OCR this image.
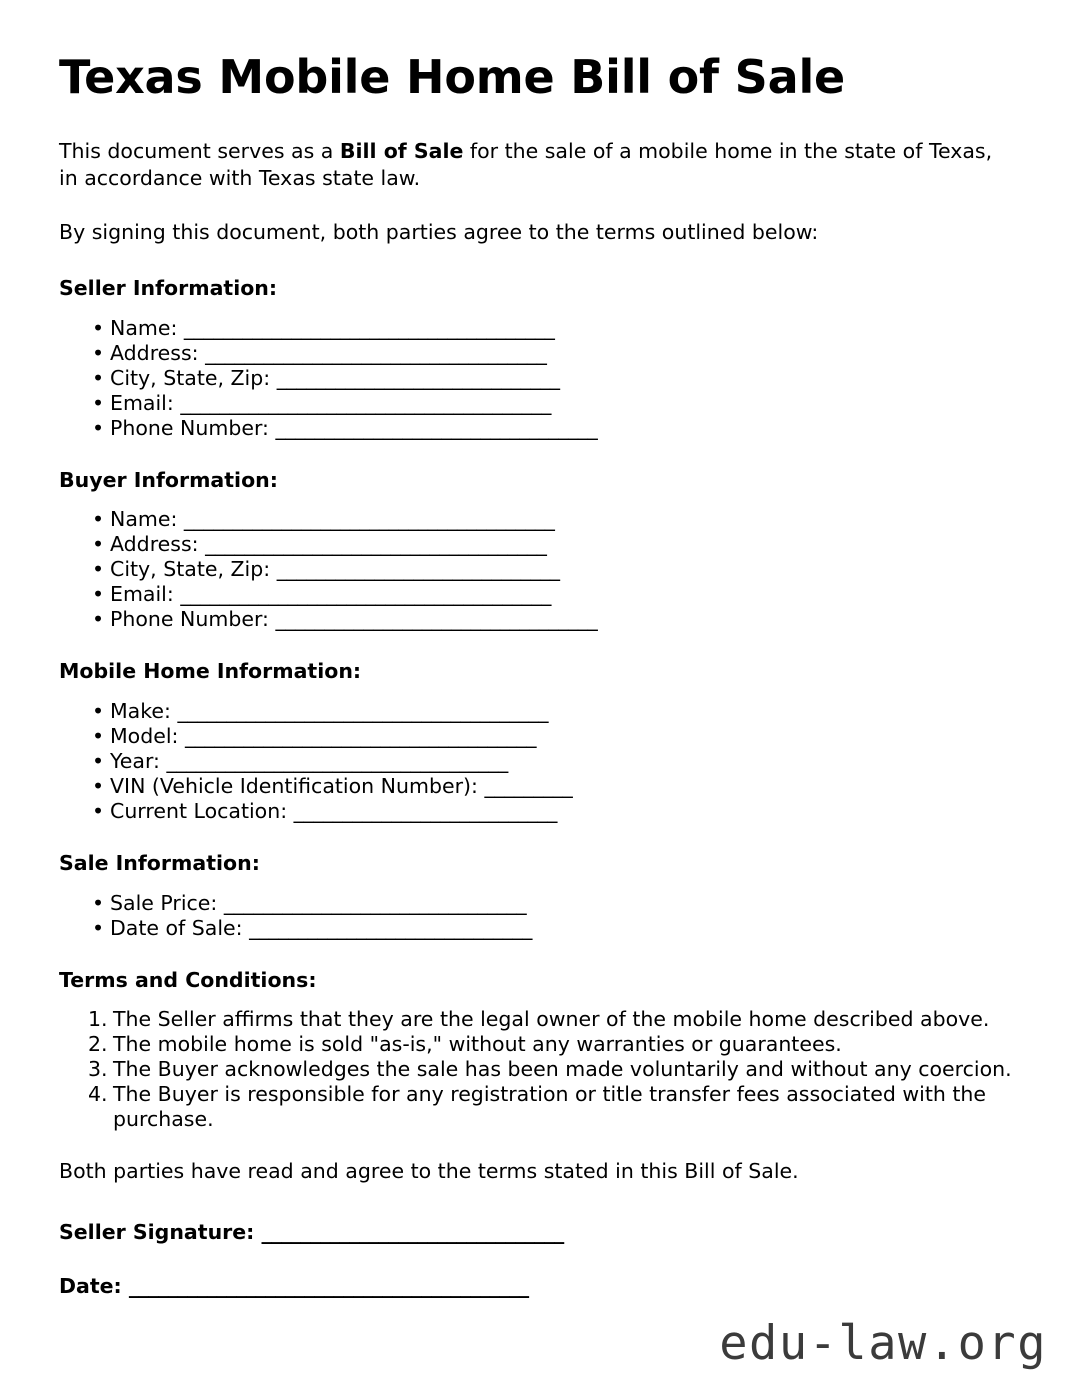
Texas Mobile Home Bill of Sale

This document serves as a Bill of Sale for the sale of a mobile home in the state of Texas, in accordance with Texas state law.

By signing this document, both parties agree to the terms outlined below:

Seller Information:
• Name: ______________________________________
• Address: ___________________________________
• City, State, Zip: _____________________________
• Email: ______________________________________
• Phone Number: _________________________________
Buyer Information:
• Name: ______________________________________
• Address: ___________________________________
• City, State, Zip: _____________________________
• Email: ______________________________________
• Phone Number: _________________________________
Mobile Home Information:
• Make: ______________________________________
• Model: ____________________________________
• Year: ___________________________________
• VIN (Vehicle Identification Number): _________
• Current Location: ___________________________
Sale Information:
• Sale Price: _______________________________
• Date of Sale: _____________________________
Terms and Conditions:
The Seller affirms that they are the legal owner of the mobile home described above.
The mobile home is sold "as-is," without any warranties or guarantees.
The Buyer acknowledges the sale has been made voluntarily and without any coercion.
The Buyer is responsible for any registration or title transfer fees associated with the purchase.

Both parties have read and agree to the terms stated in this Bill of Sale.

Seller Signature: _______________________________
Date: _________________________________________
edu-law.org
